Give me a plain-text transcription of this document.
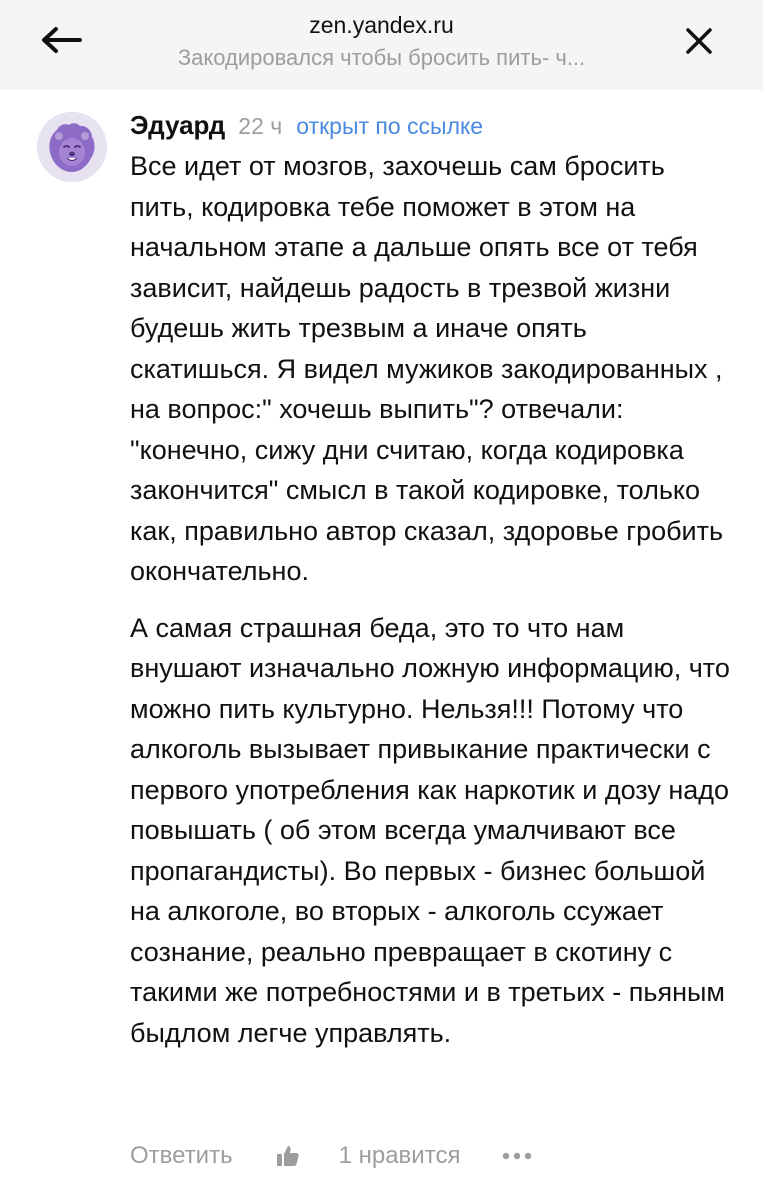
zen.yandex.ru
Закодировался чтобы бросить пить- ч...
Эдуард 22 ч открыт по ссылке

Все идет от мозгов, захочешь сам бросить пить, кодировка тебе поможет в этом на начальном этапе а дальше опять все от тебя зависит, найдешь радость в трезвой жизни будешь жить трезвым а иначе опять скатишься. Я видел мужиков закодированных , на вопрос:" хочешь выпить"? отвечали: "конечно, сижу дни считаю, когда кодировка закончится" смысл в такой кодировке, только как, правильно автор сказал, здоровье гробить окончательно.

А самая страшная беда, это то что нам внушают изначально ложную информацию, что можно пить культурно. Нельзя!!! Потому что алкоголь вызывает привыкание практически с первого употребления как наркотик и дозу надо повышать ( об этом всегда умалчивают все пропагандисты). Во первых - бизнес большой на алкоголе, во вторых - алкоголь ссужает сознание, реально превращает в скотину с такими же потребностями и в третьих - пьяным быдлом легче управлять.

Ответить	1 нравится
